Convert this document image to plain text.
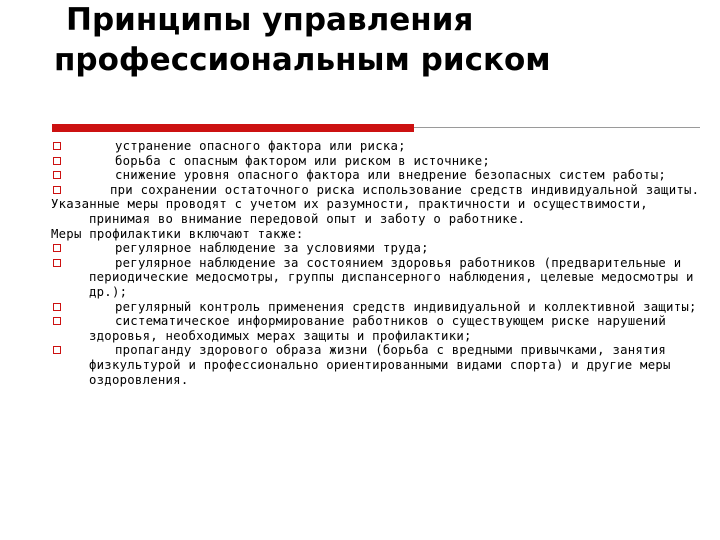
Принципы управления
профессиональным риском
устранение опасного фактора или риска;
борьба с опасным фактором или риском в источнике;
снижение уровня опасного фактора или внедрение безопасных систем работы;
при сохранении остаточного риска использование средств индивидуальной защиты.

Указанные меры проводят с учетом их разумности, практичности и осуществимости, принимая во внимание передовой опыт и заботу о работнике.

Меры профилактики включают также:

регулярное наблюдение за условиями труда;
регулярное наблюдение за состоянием здоровья работников (предварительные и периодические медосмотры, группы диспансерного наблюдения, целевые медосмотры и др.);
регулярный контроль применения средств индивидуальной и коллективной защиты;
систематическое информирование работников о существующем риске нарушений здоровья, необходимых мерах защиты и профилактики;
пропаганду здорового образа жизни (борьба с вредными привычками, занятия физкультурой и профессионально ориентированными видами спорта) и другие меры оздоровления.
